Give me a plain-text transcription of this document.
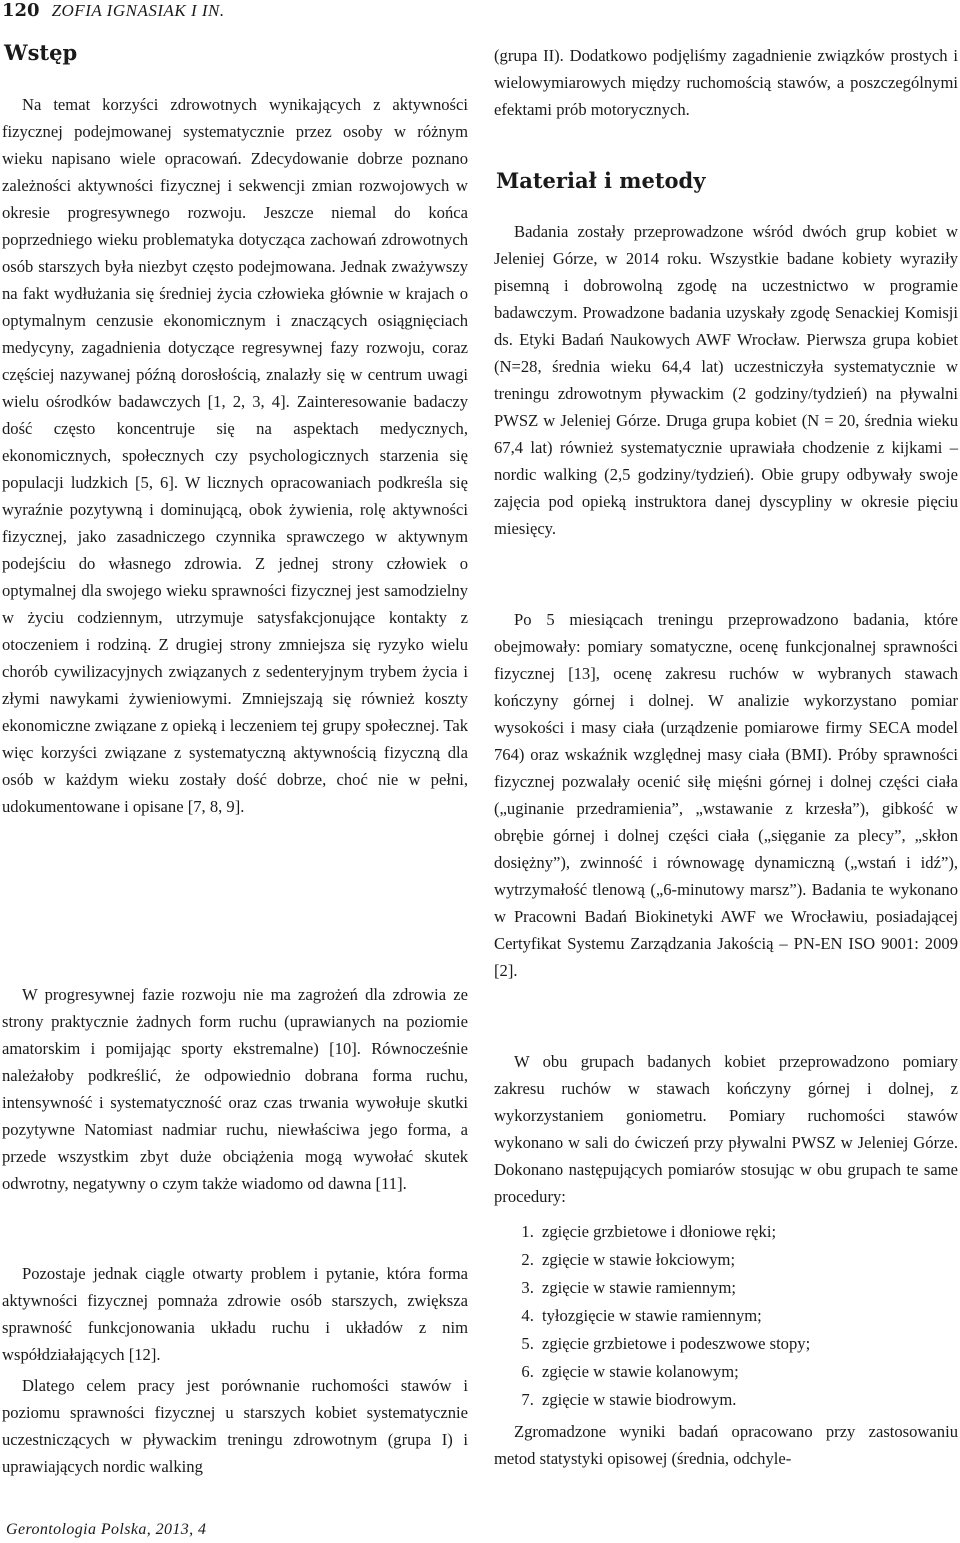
120 ZOFIA IGNASIAK I IN.
Wstęp

Na temat korzyści zdrowotnych wynikających z aktywności fizycznej podejmowanej systematycznie przez osoby w różnym wieku napisano wiele opracowań. Zdecydowanie dobrze poznano zależności aktywności fizycznej i sekwencji zmian rozwojowych w okresie progresywnego rozwoju. Jeszcze niemal do końca poprzedniego wieku problematyka dotycząca zachowań zdrowotnych osób starszych była niezbyt często podejmowana. Jednak zważywszy na fakt wydłużania się średniej życia człowieka głównie w krajach o optymalnym cenzusie ekonomicznym i znaczących osiągnięciach medycyny, zagadnienia dotyczące regresywnej fazy rozwoju, coraz częściej nazywanej późną dorosłością, znalazły się w centrum uwagi wielu ośrodków badawczych [1, 2, 3, 4]. Zainteresowanie badaczy dość często koncentruje się na aspektach medycznych, ekonomicznych, społecznych czy psychologicznych starzenia się populacji ludzkich [5, 6]. W licznych opracowaniach podkreśla się wyraźnie pozytywną i dominującą, obok żywienia, rolę aktywności fizycznej, jako zasadniczego czynnika sprawczego w aktywnym podejściu do własnego zdrowia. Z jednej strony człowiek o optymalnej dla swojego wieku sprawności fizycznej jest samodzielny w życiu codziennym, utrzymuje satysfakcjonujące kontakty z otoczeniem i rodziną. Z drugiej strony zmniejsza się ryzyko wielu chorób cywilizacyjnych związanych z sedenteryjnym trybem życia i złymi nawykami żywieniowymi. Zmniejszają się również koszty ekonomiczne związane z opieką i leczeniem tej grupy społecznej. Tak więc korzyści związane z systematyczną aktywnością fizyczną dla osób w każdym wieku zostały dość dobrze, choć nie w pełni, udokumentowane i opisane [7, 8, 9].

W progresywnej fazie rozwoju nie ma zagrożeń dla zdrowia ze strony praktycznie żadnych form ruchu (uprawianych na poziomie amatorskim i pomijając sporty ekstremalne) [10]. Równocześnie należałoby podkreślić, że odpowiednio dobrana forma ruchu, intensywność i systematyczność oraz czas trwania wywołuje skutki pozytywne Natomiast nadmiar ruchu, niewłaściwa jego forma, a przede wszystkim zbyt duże obciążenia mogą wywołać skutek odwrotny, negatywny o czym także wiadomo od dawna [11].

Pozostaje jednak ciągle otwarty problem i pytanie, która forma aktywności fizycznej pomnaża zdrowie osób starszych, zwiększa sprawność funkcjonowania układu ruchu i układów z nim współdziałających [12].

Dlatego celem pracy jest porównanie ruchomości stawów i poziomu sprawności fizycznej u starszych kobiet systematycznie uczestniczących w pływackim treningu zdrowotnym (grupa I) i uprawiających nordic walking

(grupa II). Dodatkowo podjęliśmy zagadnienie związków prostych i wielowymiarowych między ruchomością stawów, a poszczególnymi efektami prób motorycznych.

Materiał i metody

Badania zostały przeprowadzone wśród dwóch grup kobiet w Jeleniej Górze, w 2014 roku. Wszystkie badane kobiety wyraziły pisemną i dobrowolną zgodę na uczestnictwo w programie badawczym. Prowadzone badania uzyskały zgodę Senackiej Komisji ds. Etyki Badań Naukowych AWF Wrocław. Pierwsza grupa kobiet (N=28, średnia wieku 64,4 lat) uczestniczyła systematycznie w treningu zdrowotnym pływackim (2 godziny/tydzień) na pływalni PWSZ w Jeleniej Górze. Druga grupa kobiet (N = 20, średnia wieku 67,4 lat) również systematycznie uprawiała chodzenie z kijkami – nordic walking (2,5 godziny/tydzień). Obie grupy odbywały swoje zajęcia pod opieką instruktora danej dyscypliny w okresie pięciu miesięcy.

Po 5 miesiącach treningu przeprowadzono badania, które obejmowały: pomiary somatyczne, ocenę funkcjonalnej sprawności fizycznej [13], ocenę zakresu ruchów w wybranych stawach kończyny górnej i dolnej. W analizie wykorzystano pomiar wysokości i masy ciała (urządzenie pomiarowe firmy SECA model 764) oraz wskaźnik względnej masy ciała (BMI). Próby sprawności fizycznej pozwalały ocenić siłę mięśni górnej i dolnej części ciała („uginanie przedramienia”, „wstawanie z krzesła”), gibkość w obrębie górnej i dolnej części ciała („sięganie za plecy”, „skłon dosiężny”), zwinność i równowagę dynamiczną („wstań i idź”), wytrzymałość tlenową („6-minutowy marsz”). Badania te wykonano w Pracowni Badań Biokinetyki AWF we Wrocławiu, posiadającej Certyfikat Systemu Zarządzania Jakością – PN-EN ISO 9001: 2009 [2].

W obu grupach badanych kobiet przeprowadzono pomiary zakresu ruchów w stawach kończyny górnej i dolnej, z wykorzystaniem goniometru. Pomiary ruchomości stawów wykonano w sali do ćwiczeń przy pływalni PWSZ w Jeleniej Górze. Dokonano następujących pomiarów stosując w obu grupach te same procedury:

1. zgięcie grzbietowe i dłoniowe ręki;
2. zgięcie w stawie łokciowym;
3. zgięcie w stawie ramiennym;
4. tyłozgięcie w stawie ramiennym;
5. zgięcie grzbietowe i podeszwowe stopy;
6. zgięcie w stawie kolanowym;
7. zgięcie w stawie biodrowym.

Zgromadzone wyniki badań opracowano przy zastosowaniu metod statystyki opisowej (średnia, odchyle-

Gerontologia Polska, 2013, 4
